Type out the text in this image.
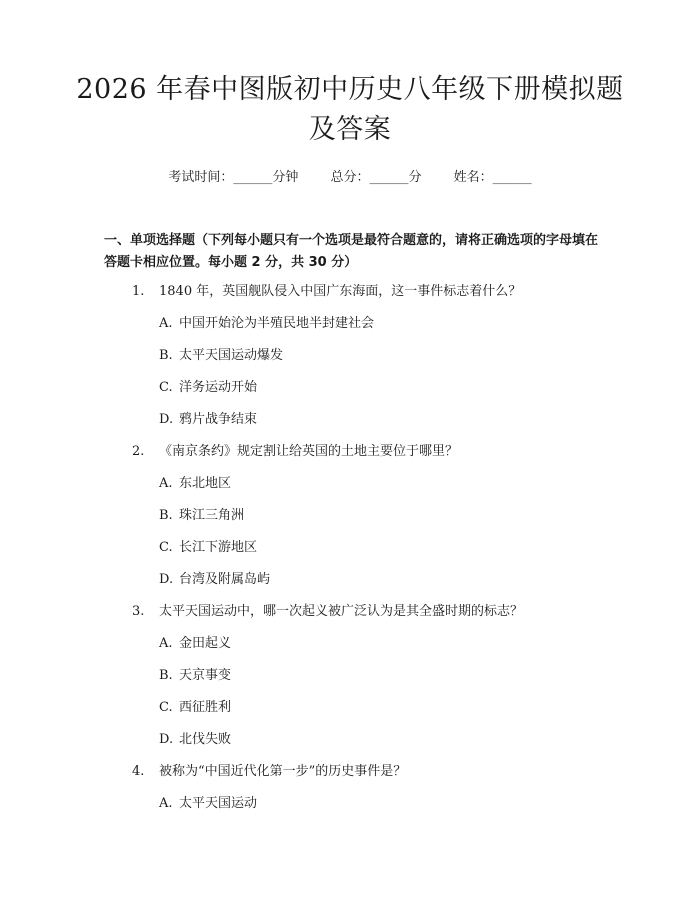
2026 年春中图版初中历史八年级下册模拟题
及答案
考试时间：______分钟 总分：______分 姓名：______
一、单项选择题（下列每小题只有一个选项是最符合题意的，请将正确选项的字母填在答题卡相应位置。每小题 2 分，共 30 分）
1. 1840 年，英国舰队侵入中国广东海面，这一事件标志着什么？
A. 中国开始沦为半殖民地半封建社会
B. 太平天国运动爆发
C. 洋务运动开始
D. 鸦片战争结束
2. 《南京条约》规定割让给英国的土地主要位于哪里？
A. 东北地区
B. 珠江三角洲
C. 长江下游地区
D. 台湾及附属岛屿
3. 太平天国运动中，哪一次起义被广泛认为是其全盛时期的标志？
A. 金田起义
B. 天京事变
C. 西征胜利
D. 北伐失败
4. 被称为“中国近代化第一步”的历史事件是？
A. 太平天国运动
